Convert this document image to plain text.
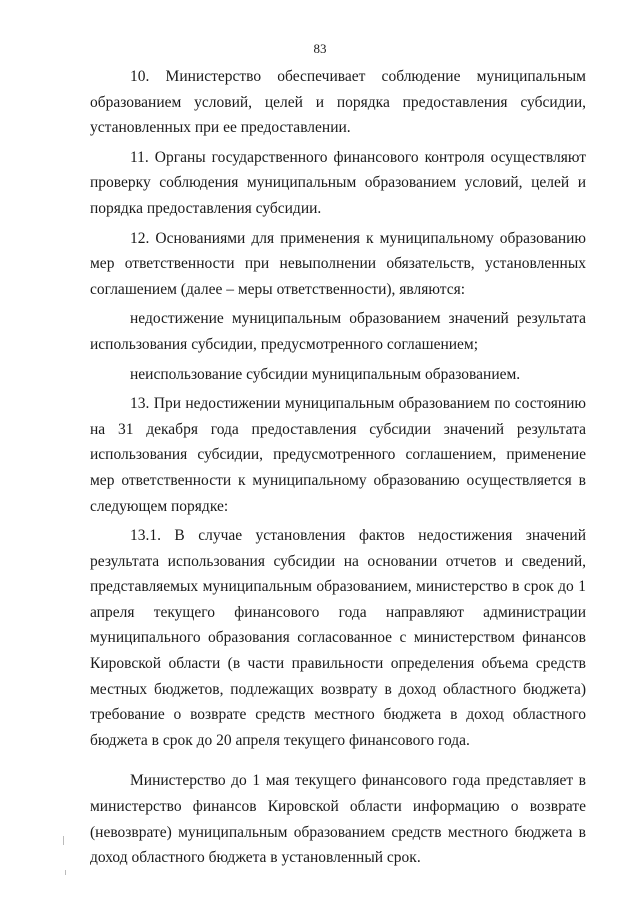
83

10. Министерство обеспечивает соблюдение муниципальным образованием условий, целей и порядка предоставления субсидии, установленных при ее предоставлении.

11. Органы государственного финансового контроля осуществляют проверку соблюдения муниципальным образованием условий, целей и порядка предоставления субсидии.

12. Основаниями для применения к муниципальному образованию мер ответственности при невыполнении обязательств, установленных соглашением (далее – меры ответственности), являются:

недостижение муниципальным образованием значений результата использования субсидии, предусмотренного соглашением;

неиспользование субсидии муниципальным образованием.

13. При недостижении муниципальным образованием по состоянию на 31 декабря года предоставления субсидии значений результата использования субсидии, предусмотренного соглашением, применение мер ответственности к муниципальному образованию осуществляется в следующем порядке:

13.1. В случае установления фактов недостижения значений результата использования субсидии на основании отчетов и сведений, представляемых муниципальным образованием, министерство в срок до 1 апреля текущего финансового года направляют администрации муниципального образования согласованное с министерством финансов Кировской области (в части правильности определения объема средств местных бюджетов, подлежащих возврату в доход областного бюджета) требование о возврате средств местного бюджета в доход областного бюджета в срок до 20 апреля текущего финансового года.

Министерство до 1 мая текущего финансового года представляет в министерство финансов Кировской области информацию о возврате (невозврате) муниципальным образованием средств местного бюджета в доход областного бюджета в установленный срок.
